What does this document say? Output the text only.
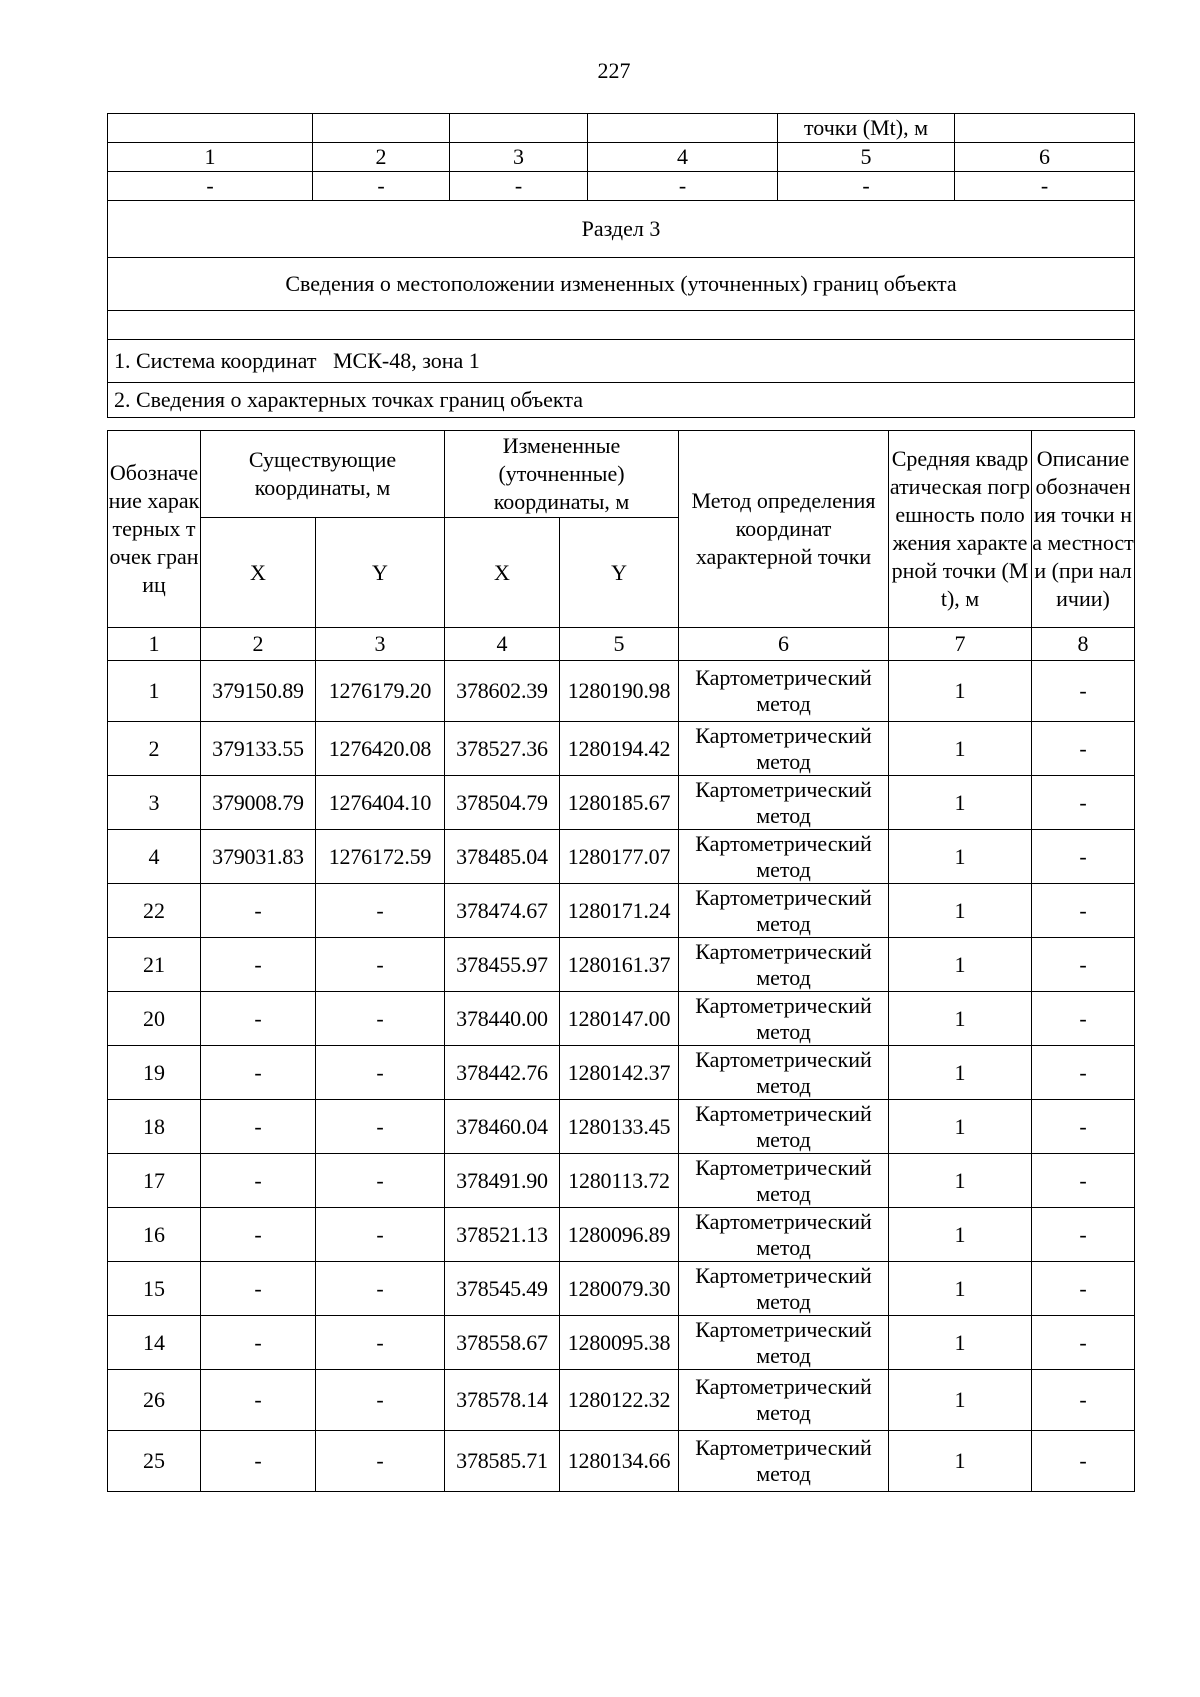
227
				точки (Mt), м	
1	2	3	4	5	6
-	-	-	-	-	-
Раздел 3					
Сведения о местоположении измененных (уточненных) границ объекта					

1. Система координат   МСК-48, зона 1					
2. Сведения о характерных точках границ объекта					
Обозначение характерных точек границ	Существующие координаты, м		Измененные (уточненные) координаты, м		Метод определения координат характерной точки	Средняя квадратическая погрешность положения характерной точки (Mt), м	Описание обозначения точки на местности (при наличии)
	X	Y	X	Y			
1	2	3	4	5	6	7	8
1	379150.89	1276179.20	378602.39	1280190.98	Картометрический метод	1	-
2	379133.55	1276420.08	378527.36	1280194.42	Картометрический метод	1	-
3	379008.79	1276404.10	378504.79	1280185.67	Картометрический метод	1	-
4	379031.83	1276172.59	378485.04	1280177.07	Картометрический метод	1	-
22	-	-	378474.67	1280171.24	Картометрический метод	1	-
21	-	-	378455.97	1280161.37	Картометрический метод	1	-
20	-	-	378440.00	1280147.00	Картометрический метод	1	-
19	-	-	378442.76	1280142.37	Картометрический метод	1	-
18	-	-	378460.04	1280133.45	Картометрический метод	1	-
17	-	-	378491.90	1280113.72	Картометрический метод	1	-
16	-	-	378521.13	1280096.89	Картометрический метод	1	-
15	-	-	378545.49	1280079.30	Картометрический метод	1	-
14	-	-	378558.67	1280095.38	Картометрический метод	1	-
26	-	-	378578.14	1280122.32	Картометрический метод	1	-
25	-	-	378585.71	1280134.66	Картометрический метод	1	-
